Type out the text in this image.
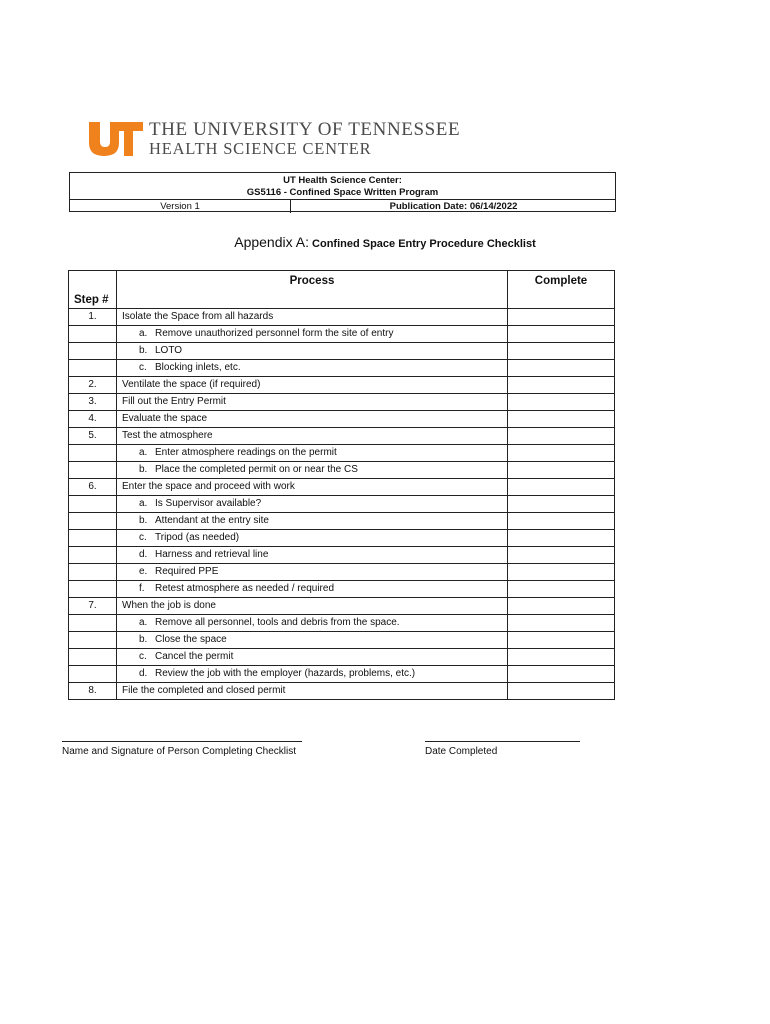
THE UNIVERSITY OF TENNESSEE
HEALTH SCIENCE CENTER
UT Health Science Center:
GS5116 - Confined Space Written Program
Version 1	Publication Date: 06/14/2022
Appendix A: Confined Space Entry Procedure Checklist
Step #	Process	Complete
1.	Isolate the Space from all hazards	
	a. Remove unauthorized personnel form the site of entry	
	b. LOTO	
	c. Blocking inlets, etc.	
2.	Ventilate the space (if required)	
3.	Fill out the Entry Permit	
4.	Evaluate the space	
5.	Test the atmosphere	
	a. Enter atmosphere readings on the permit	
	b. Place the completed permit on or near the CS	
6.	Enter the space and proceed with work	
	a. Is Supervisor available?	
	b. Attendant at the entry site	
	c. Tripod (as needed)	
	d. Harness and retrieval line	
	e. Required PPE	
	f. Retest atmosphere as needed / required	
7.	When the job is done	
	a. Remove all personnel, tools and debris from the space.	
	b. Close the space	
	c. Cancel the permit	
	d. Review the job with the employer (hazards, problems, etc.)	
8.	File the completed and closed permit	
Name and Signature of Person Completing Checklist	Date Completed
